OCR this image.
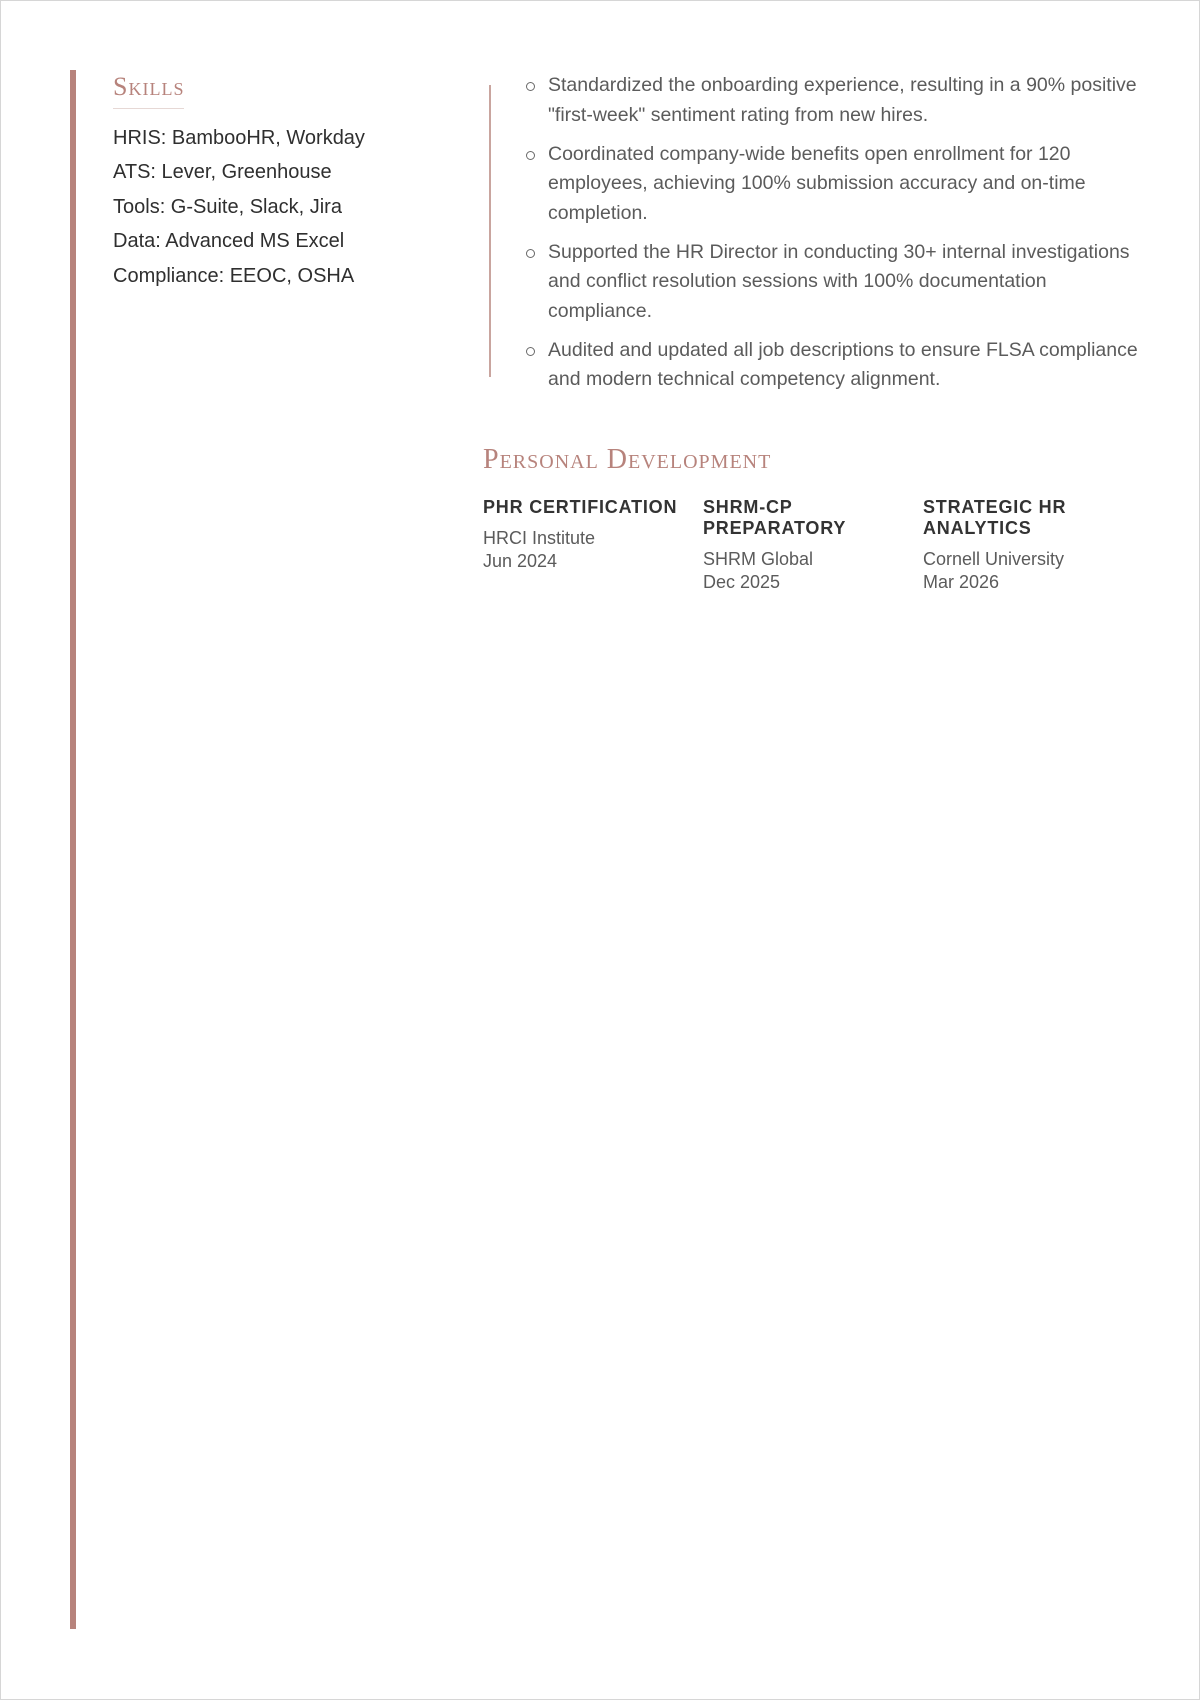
Skills
HRIS: BambooHR, Workday
ATS: Lever, Greenhouse
Tools: G-Suite, Slack, Jira
Data: Advanced MS Excel
Compliance: EEOC, OSHA
Standardized the onboarding experience, resulting in a 90% positive "first-week" sentiment rating from new hires.
Coordinated company-wide benefits open enrollment for 120 employees, achieving 100% submission accuracy and on-time completion.
Supported the HR Director in conducting 30+ internal investigations and conflict resolution sessions with 100% documentation compliance.
Audited and updated all job descriptions to ensure FLSA compliance and modern technical competency alignment.
Personal Development
PHR CERTIFICATION
HRCI Institute
Jun 2024
SHRM-CP PREPARATORY
SHRM Global
Dec 2025
STRATEGIC HR ANALYTICS
Cornell University
Mar 2026
